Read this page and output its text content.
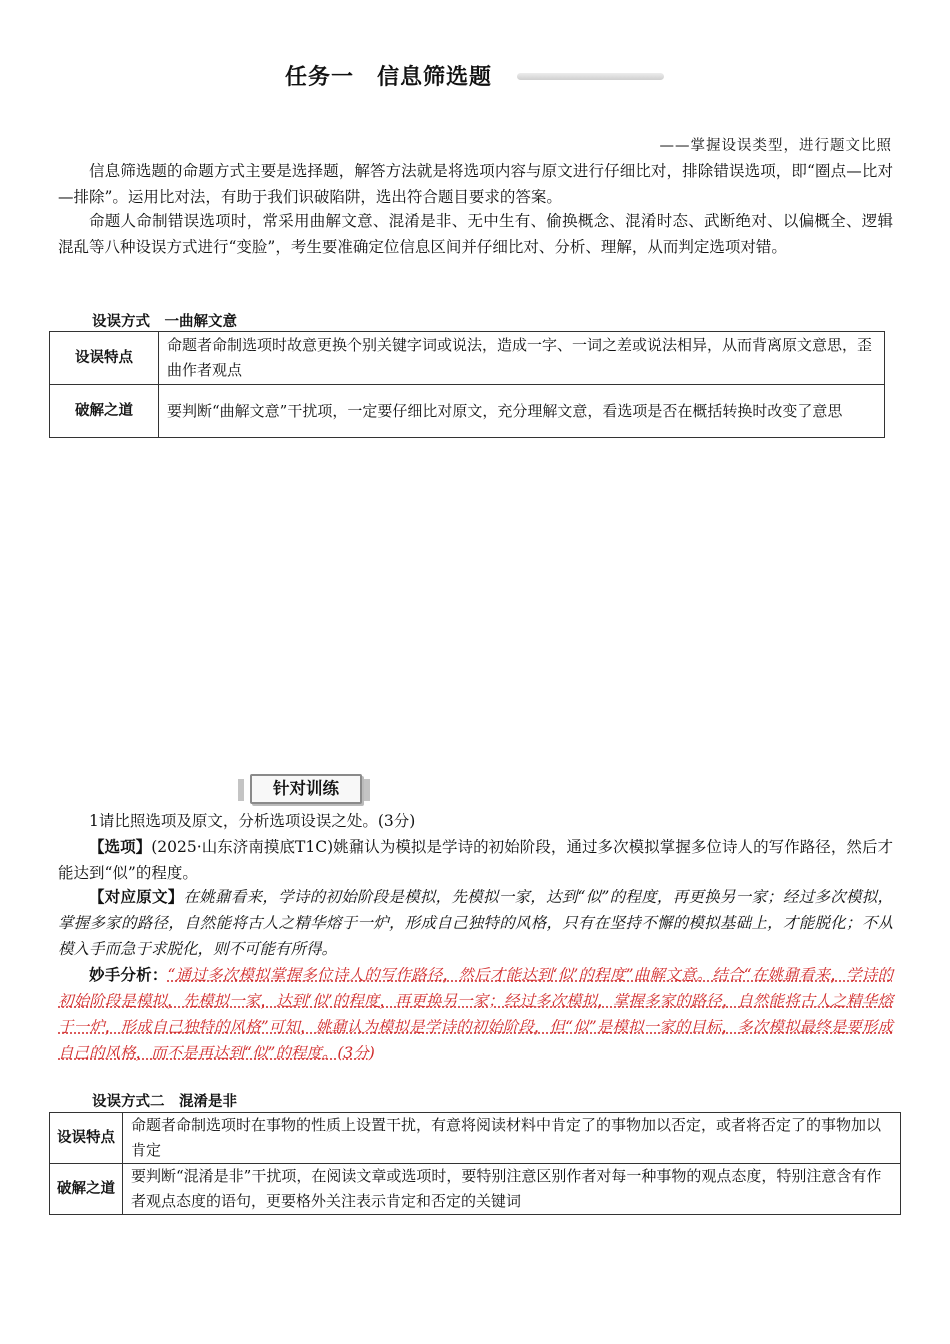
任务一　信息筛选题
——掌握设误类型，进行题文比照

信息筛选题的命题方式主要是选择题，解答方法就是将选项内容与原文进行仔细比对，排除错误选项，即“圈点—比对—排除”。运用比对法，有助于我们识破陷阱，选出符合题目要求的答案。

命题人命制错误选项时，常采用曲解文意、混淆是非、无中生有、偷换概念、混淆时态、武断绝对、以偏概全、逻辑混乱等八种设误方式进行“变脸”，考生要准确定位信息区间并仔细比对、分析、理解，从而判定选项对错。

设误方式　一曲解文意
设误特点	命题者命制选项时故意更换个别关键字词或说法，造成一字、一词之差或说法相异，从而背离原文意思，歪曲作者观点
破解之道	要判断“曲解文意”干扰项，一定要仔细比对原文，充分理解文意，看选项是否在概括转换时改变了意思
针对训练

1请比照选项及原文，分析选项设误之处。(3分)

【选项】(2025·山东济南摸底T1C)姚鼐认为模拟是学诗的初始阶段，通过多次模拟掌握多位诗人的写作路径，然后才能达到“似”的程度。

【对应原文】在姚鼐看来，学诗的初始阶段是模拟，先模拟一家，达到“似”的程度，再更换另一家；经过多次模拟，掌握多家的路径，自然能将古人之精华熔于一炉，形成自己独特的风格，只有在坚持不懈的模拟基础上，才能脱化；不从模入手而急于求脱化，则不可能有所得。

妙手分析：“通过多次模拟掌握多位诗人的写作路径，然后才能达到‘似’的程度”曲解文意。结合“在姚鼐看来，学诗的初始阶段是模拟，先模拟一家，达到‘似’的程度，再更换另一家；经过多次模拟，掌握多家的路径，自然能将古人之精华熔于一炉，形成自己独特的风格”可知，姚鼐认为模拟是学诗的初始阶段，但“似”是模拟一家的目标，多次模拟最终是要形成自己的风格，而不是再达到“似”的程度。(3分)

设误方式二　混淆是非
设误特点	命题者命制选项时在事物的性质上设置干扰，有意将阅读材料中肯定了的事物加以否定，或者将否定了的事物加以肯定
破解之道	要判断“混淆是非”干扰项，在阅读文章或选项时，要特别注意区别作者对每一种事物的观点态度，特别注意含有作者观点态度的语句，更要格外关注表示肯定和否定的关键词
